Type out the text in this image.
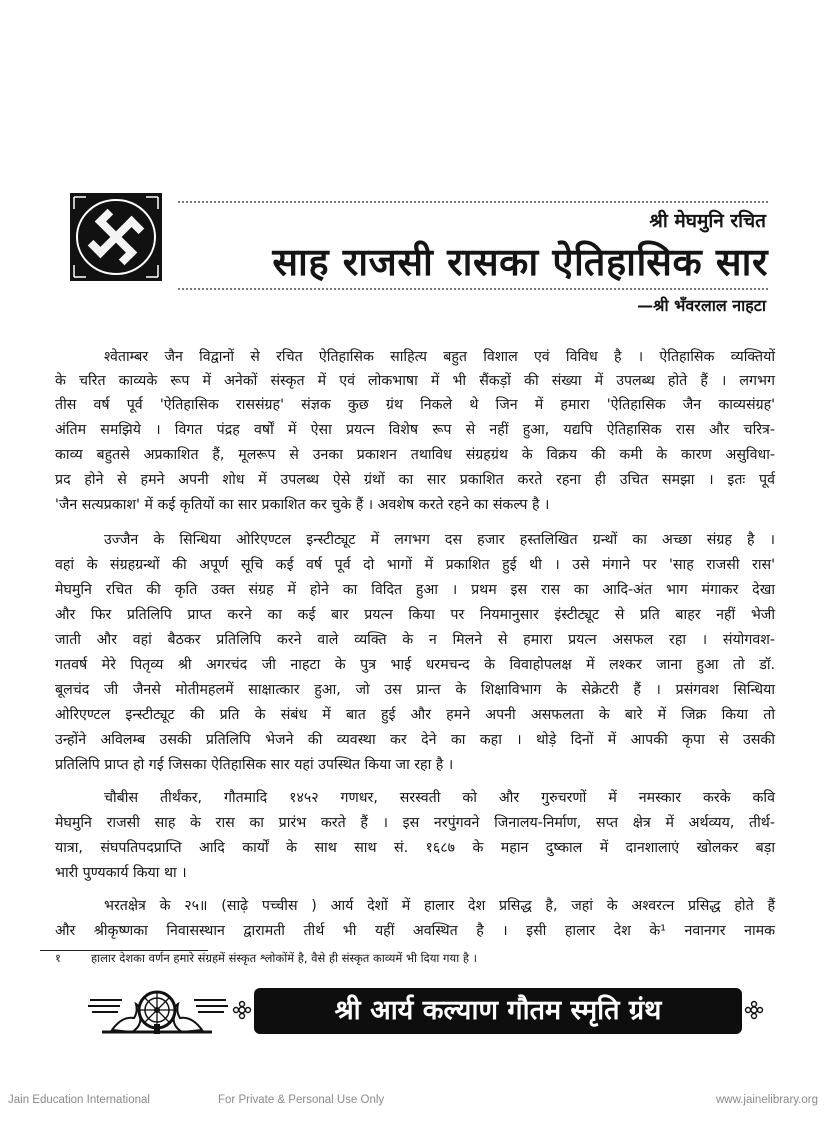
श्री मेघमुनि रचित
साह राजसी रासका ऐतिहासिक सार
—श्री भँवरलाल नाहटा
श्वेताम्बर जैन विद्वानों से रचित ऐतिहासिक साहित्य बहुत विशाल एवं विविध है । ऐतिहासिक व्यक्तियों
के चरित काव्यके रूप में अनेकों संस्कृत में एवं लोकभाषा में भी सैंकड़ों की संख्या में उपलब्ध होते हैं । लगभग
तीस वर्ष पूर्व 'ऐतिहासिक राससंग्रह' संज्ञक कुछ ग्रंथ निकले थे जिन में हमारा 'ऐतिहासिक जैन काव्यसंग्रह'
अंतिम समझिये । विगत पंद्रह वर्षों में ऐसा प्रयत्न विशेष रूप से नहीं हुआ, यद्यपि ऐतिहासिक रास और चरित्र-
काव्य बहुतसे अप्रकाशित हैं, मूलरूप से उनका प्रकाशन तथाविध संग्रहग्रंथ के विक्रय की कमी के कारण असुविधा-
प्रद होने से हमने अपनी शोध में उपलब्ध ऐसे ग्रंथों का सार प्रकाशित करते रहना ही उचित समझा । इतः पूर्व
'जैन सत्यप्रकाश' में कई कृतियों का सार प्रकाशित कर चुके हैं । अवशेष करते रहने का संकल्प है ।
उज्जैन के सिन्धिया ओरिएण्टल इन्स्टीट्यूट में लगभग दस हजार हस्तलिखित ग्रन्थों का अच्छा संग्रह है ।
वहां के संग्रहग्रन्थों की अपूर्ण सूचि कई वर्ष पूर्व दो भागों में प्रकाशित हुई थी । उसे मंगाने पर 'साह राजसी रास'
मेघमुनि रचित की कृति उक्त संग्रह में होने का विदित हुआ । प्रथम इस रास का आदि-अंत भाग मंगाकर देखा
और फिर प्रतिलिपि प्राप्त करने का कई बार प्रयत्न किया पर नियमानुसार इंस्टीट्यूट से प्रति बाहर नहीं भेजी
जाती और वहां बैठकर प्रतिलिपि करने वाले व्यक्ति के न मिलने से हमारा प्रयत्न असफल रहा । संयोगवश-
गतवर्ष मेरे पितृव्य श्री अगरचंद जी नाहटा के पुत्र भाई धरमचन्द के विवाहोपलक्ष में लश्कर जाना हुआ तो डॉ.
बूलचंद जी जैनसे मोतीमहलमें साक्षात्कार हुआ, जो उस प्रान्त के शिक्षाविभाग के सेक्रेटरी हैं । प्रसंगवश सिन्धिया
ओरिएण्टल इन्स्टीट्यूट की प्रति के संबंध में बात हुई और हमने अपनी असफलता के बारे में जिक्र किया तो
उन्होंने अविलम्ब उसकी प्रतिलिपि भेजने की व्यवस्था कर देने का कहा । थोड़े दिनों में आपकी कृपा से उसकी
प्रतिलिपि प्राप्त हो गई जिसका ऐतिहासिक सार यहां उपस्थित किया जा रहा है ।
चौबीस तीर्थंकर, गौतमादि १४५२ गणधर, सरस्वती को और गुरुचरणों में नमस्कार करके कवि
मेघमुनि राजसी साह के रास का प्रारंभ करते हैं । इस नरपुंगवने जिनालय-निर्माण, सप्त क्षेत्र में अर्थव्यय, तीर्थ-
यात्रा, संघपतिपदप्राप्ति आदि कार्यों के साथ साथ सं. १६८७ के महान दुष्काल में दानशालाएं खोलकर बड़ा
भारी पुण्यकार्य किया था ।
भरतक्षेत्र के २५॥ (साढ़े पच्चीस ) आर्य देशों में हालार देश प्रसिद्ध है, जहां के अश्वरत्न प्रसिद्ध होते हैं
और श्रीकृष्णका निवासस्थान द्वारामती तीर्थ भी यहीं अवस्थित है । इसी हालार देश के¹ नवानगर नामक
१	हालार देशका वर्णन हमारे संग्रहमें संस्कृत श्लोकोंमें है, वैसे ही संस्कृत काव्यमें भी दिया गया है ।
श्री आर्य कल्याण गौतम स्मृति ग्रंथ
Jain Education International	For Private & Personal Use Only	www.jainelibrary.org
